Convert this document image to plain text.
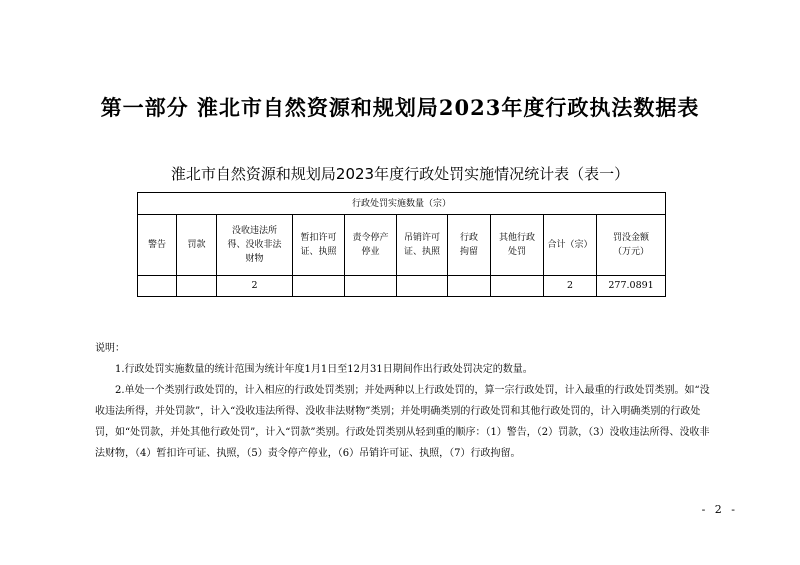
第一部分 淮北市自然资源和规划局2023年度行政执法数据表
淮北市自然资源和规划局2023年度行政处罚实施情况统计表（表一）
行政处罚实施数量（宗）									
警告	罚款	没收违法所得、没收非法财物	暂扣许可证、执照	责令停产停业	吊销许可证、执照	行政拘留	其他行政处罚	合计（宗）	罚没金额（万元）
		2						2	277.0891

说明：

1.行政处罚实施数量的统计范围为统计年度1月1日至12月31日期间作出行政处罚决定的数量。

2.单处一个类别行政处罚的，计入相应的行政处罚类别；并处两种以上行政处罚的，算一宗行政处罚，计入最重的行政处罚类别。如“没收违法所得，并处罚款”，计入“没收违法所得、没收非法财物”类别；并处明确类别的行政处罚和其他行政处罚的，计入明确类别的行政处罚，如“处罚款，并处其他行政处罚”，计入“罚款”类别。行政处罚类别从轻到重的顺序：（1）警告，（2）罚款，（3）没收违法所得、没收非法财物，（4）暂扣许可证、执照，（5）责令停产停业，（6）吊销许可证、执照，（7）行政拘留。

- 2 -
